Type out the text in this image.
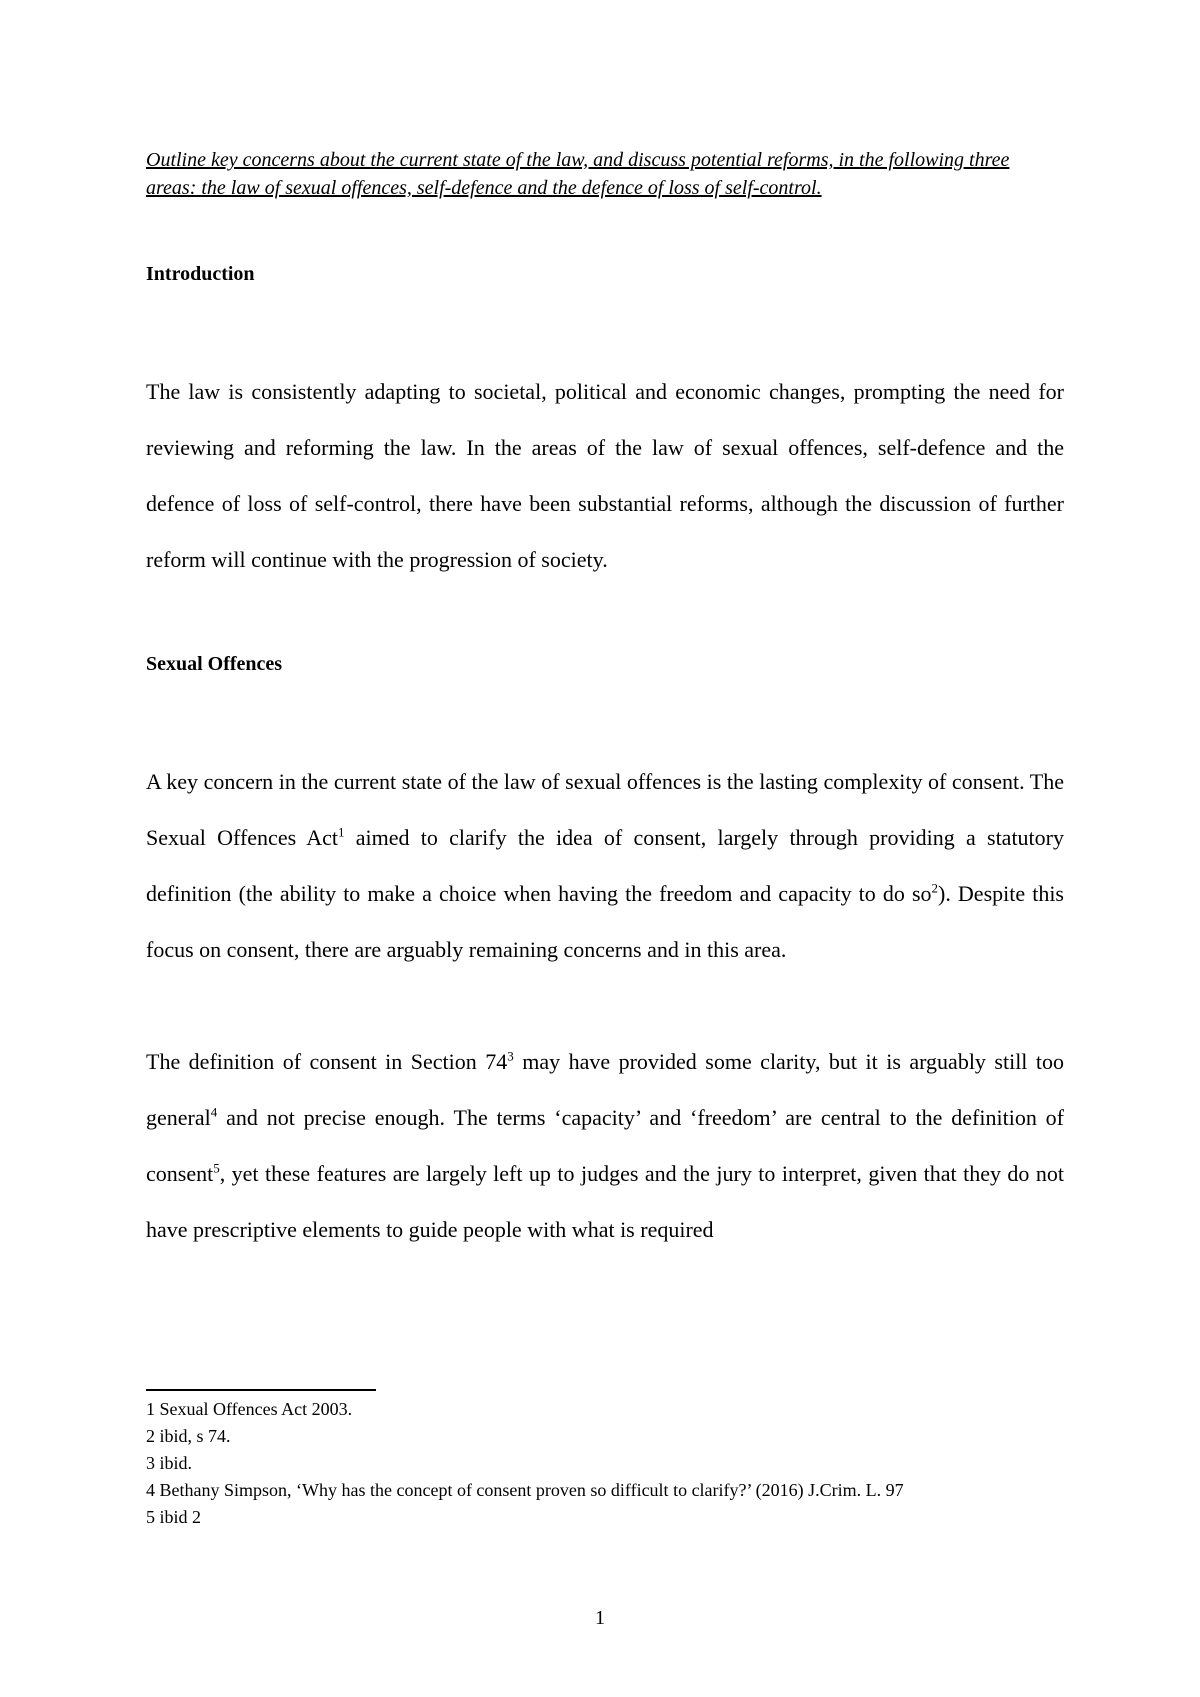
Outline key concerns about the current state of the law, and discuss potential reforms, in the following three areas: the law of sexual offences, self-defence and the defence of loss of self-control.

Introduction

The law is consistently adapting to societal, political and economic changes, prompting the need for reviewing and reforming the law. In the areas of the law of sexual offences, self-defence and the defence of loss of self-control, there have been substantial reforms, although the discussion of further reform will continue with the progression of society.

Sexual Offences

A key concern in the current state of the law of sexual offences is the lasting complexity of consent. The Sexual Offences Act$^1$ aimed to clarify the idea of consent, largely through providing a statutory definition (the ability to make a choice when having the freedom and capacity to do $so^2$). Despite this focus on consent, there are arguably remaining concerns and in this area.

The definition of consent in Section $74^3$ may have provided some clarity, but it is arguably still too general$^4$ and not precise enough. The terms ‘capacity’ and ‘freedom’ are central to the definition of consent$^5$, yet these features are largely left up to judges and the jury to interpret, given that they do not have prescriptive elements to guide people with what is required

1 Sexual Offences Act 2003.

2 ibid, s 74.

3 ibid.

4 Bethany Simpson, ‘Why has the concept of consent proven so difficult to clarify?’ (2016) J.Crim. L. 97

5 ibid 2

1
